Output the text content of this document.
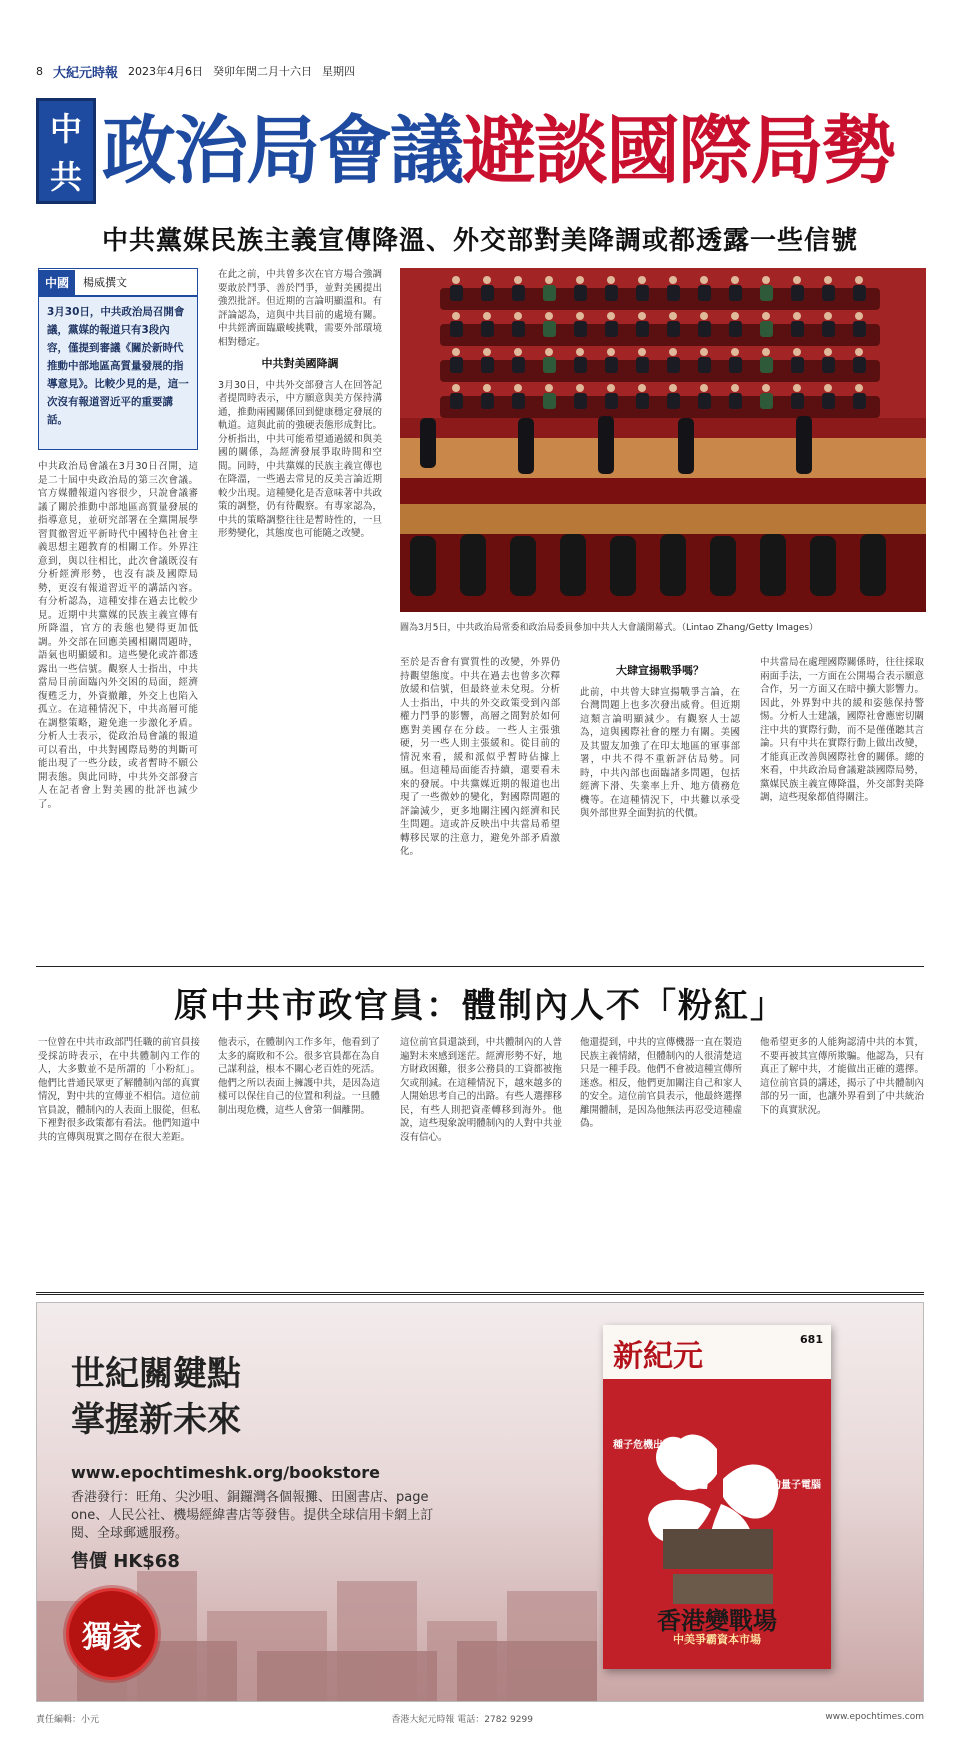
8 大紀元時報 2023年4月6日 癸卯年閏二月十六日 星期四
中共 政治局會議避談國際局勢
中共黨媒民族主義宣傳降溫、外交部對美降調或都透露一些信號
中國	楊威撰文
3月30日，中共政治局召開會議，黨媒的報道只有3段內容，僅提到審議《關於新時代推動中部地區高質量發展的指導意見》。比較少見的是，這一次沒有報道習近平的重要講話。
圖為3月5日，中共政治局常委和政治局委員參加中共人大會議開幕式。（Lintao Zhang/Getty Images）
中共政治局會議在3月30日召開，這是二十屆中央政治局的第三次會議。官方媒體報道內容很少，只說會議審議了關於推動中部地區高質量發展的指導意見，並研究部署在全黨開展學習貫徹習近平新時代中國特色社會主義思想主題教育的相關工作。外界注意到，與以往相比，此次會議既沒有分析經濟形勢，也沒有談及國際局勢，更沒有報道習近平的講話內容。有分析認為，這種安排在過去比較少見。近期中共黨媒的民族主義宣傳有所降溫，官方的表態也變得更加低調。外交部在回應美國相關問題時，語氣也明顯緩和。這些變化或許都透露出一些信號。觀察人士指出，中共當局目前面臨內外交困的局面，經濟復甦乏力，外資撤離，外交上也陷入孤立。在這種情況下，中共高層可能在調整策略，避免進一步激化矛盾。分析人士表示，從政治局會議的報道可以看出，中共對國際局勢的判斷可能出現了一些分歧，或者暫時不願公開表態。與此同時，中共外交部發言人在記者會上對美國的批評也減少了。
在此之前，中共曾多次在官方場合強調要敢於鬥爭、善於鬥爭，並對美國提出強烈批評。但近期的言論明顯溫和。有評論認為，這與中共目前的處境有關。中共經濟面臨嚴峻挑戰，需要外部環境相對穩定。
中共對美國降調
3月30日，中共外交部發言人在回答記者提問時表示，中方願意與美方保持溝通，推動兩國關係回到健康穩定發展的軌道。這與此前的強硬表態形成對比。分析指出，中共可能希望通過緩和與美國的關係，為經濟發展爭取時間和空間。同時，中共黨媒的民族主義宣傳也在降溫，一些過去常見的反美言論近期較少出現。這種變化是否意味著中共政策的調整，仍有待觀察。有專家認為，中共的策略調整往往是暫時性的，一旦形勢變化，其態度也可能隨之改變。
至於是否會有實質性的改變，外界仍持觀望態度。中共在過去也曾多次釋放緩和信號，但最終並未兌現。分析人士指出，中共的外交政策受到內部權力鬥爭的影響，高層之間對於如何應對美國存在分歧。一些人主張強硬，另一些人則主張緩和。從目前的情況來看，緩和派似乎暫時佔據上風。但這種局面能否持續，還要看未來的發展。中共黨媒近期的報道也出現了一些微妙的變化，對國際問題的評論減少，更多地關注國內經濟和民生問題。這或許反映出中共當局希望轉移民眾的注意力，避免外部矛盾激化。
大肆宣揚戰爭嗎？
此前，中共曾大肆宣揚戰爭言論，在台灣問題上也多次發出威脅。但近期這類言論明顯減少。有觀察人士認為，這與國際社會的壓力有關。美國及其盟友加強了在印太地區的軍事部署，中共不得不重新評估局勢。同時，中共內部也面臨諸多問題，包括經濟下滑、失業率上升、地方債務危機等。在這種情況下，中共難以承受與外部世界全面對抗的代價。
中共當局在處理國際關係時，往往採取兩面手法，一方面在公開場合表示願意合作，另一方面又在暗中擴大影響力。因此，外界對中共的緩和姿態保持警惕。分析人士建議，國際社會應密切關注中共的實際行動，而不是僅僅聽其言論。只有中共在實際行動上做出改變，才能真正改善與國際社會的關係。總的來看，中共政治局會議避談國際局勢，黨媒民族主義宣傳降溫，外交部對美降調，這些現象都值得關注。
原中共市政官員：體制內人不「粉紅」
一位曾在中共市政部門任職的前官員接受採訪時表示，在中共體制內工作的人，大多數並不是所謂的「小粉紅」。他們比普通民眾更了解體制內部的真實情況，對中共的宣傳並不相信。這位前官員說，體制內的人表面上服從，但私下裡對很多政策都有看法。他們知道中共的宣傳與現實之間存在很大差距。
他表示，在體制內工作多年，他看到了太多的腐敗和不公。很多官員都在為自己謀利益，根本不關心老百姓的死活。他們之所以表面上擁護中共，是因為這樣可以保住自己的位置和利益。一旦體制出現危機，這些人會第一個離開。
這位前官員還談到，中共體制內的人普遍對未來感到迷茫。經濟形勢不好，地方財政困難，很多公務員的工資都被拖欠或削減。在這種情況下，越來越多的人開始思考自己的出路。有些人選擇移民，有些人則把資產轉移到海外。他說，這些現象說明體制內的人對中共並沒有信心。
他還提到，中共的宣傳機器一直在製造民族主義情緒，但體制內的人很清楚這只是一種手段。他們不會被這種宣傳所迷惑。相反，他們更加關注自己和家人的安全。這位前官員表示，他最終選擇離開體制，是因為他無法再忍受這種虛偽。
他希望更多的人能夠認清中共的本質，不要再被其宣傳所欺騙。他認為，只有真正了解中共，才能做出正確的選擇。這位前官員的講述，揭示了中共體制內部的另一面，也讓外界看到了中共統治下的真實狀況。
世紀關鍵點
掌握新未來
www.epochtimeshk.org/bookstore
香港發行：旺角、尖沙咀、銅鑼灣各個報攤、田園書店、page one、人民公社、機場經緯書店等發售。提供全球信用卡網上訂閱、全球郵遞服務。
售價 HK$68
獨家
新紀元	681
種子危機出路
國產的量子電腦
香港變戰場
中美爭霸資本市場
責任編輯：小元	香港大紀元時報 電話：2782 9299	www.epochtimes.com
